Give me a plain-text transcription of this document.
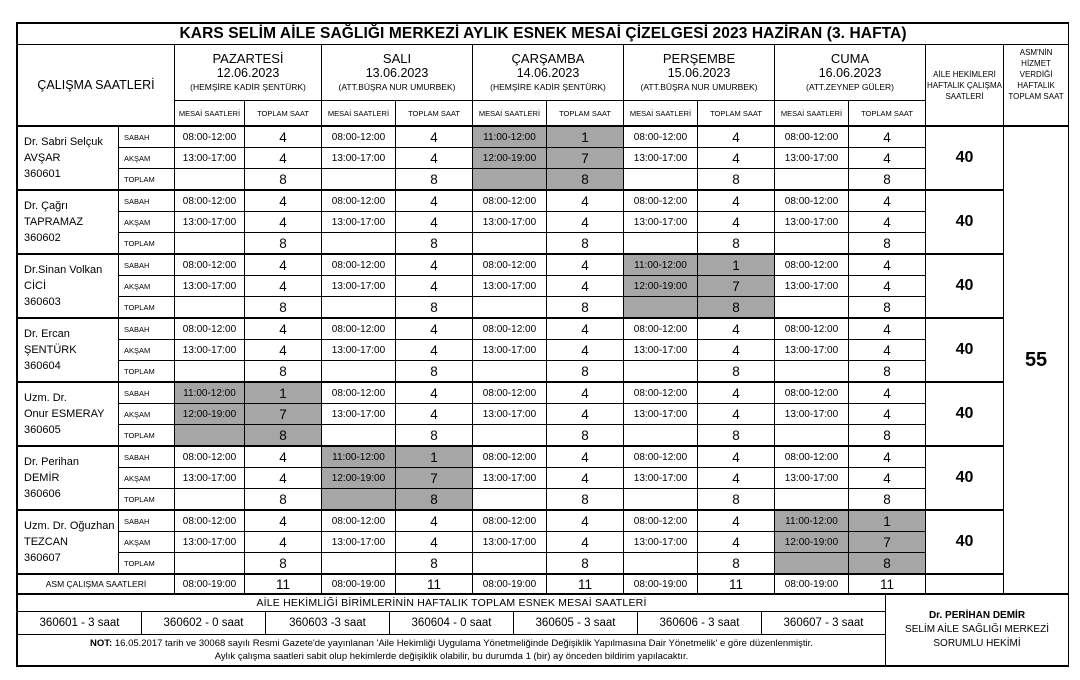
KARS SELİM AİLE SAĞLIĞI MERKEZİ AYLIK ESNEK MESAİ ÇİZELGESİ 2023 HAZİRAN (3. HAFTA)													
ÇALIŞMA SAATLERİ		PAZARTESİ
12.06.2023
(HEMŞİRE KADİR ŞENTÜRK)		SALI
13.06.2023
(ATT.BÜŞRA NUR UMURBEK)		ÇARŞAMBA
14.06.2023
(HEMŞİRE KADİR ŞENTÜRK)		PERŞEMBE
15.06.2023
(ATT.BÜŞRA NUR UMURBEK)		CUMA
16.06.2023
(ATT.ZEYNEP GÜLER)		AİLE HEKİMLERİ HAFTALIK ÇALIŞMA SAATLERİ	ASM'NİN HİZMET VERDİĞİ HAFTALIK TOPLAM SAAT
		MESAİ SAATLERİ	TOPLAM SAAT	MESAİ SAATLERİ	TOPLAM SAAT	MESAİ SAATLERİ	TOPLAM SAAT	MESAİ SAATLERİ	TOPLAM SAAT	MESAİ SAATLERİ	TOPLAM SAAT		

Dr. Sabri Selçuk
AVŞAR
360601	SABAH	08:00-12:00	4	08:00-12:00	4	11:00-12:00	1	08:00-12:00	4	08:00-12:00	4	40	55
	AKŞAM	13:00-17:00	4	13:00-17:00	4	12:00-19:00	7	13:00-17:00	4	13:00-17:00	4		
	TOPLAM		8		8		8		8		8		

Dr. Çağrı
TAPRAMAZ
360602	SABAH	08:00-12:00	4	08:00-12:00	4	08:00-12:00	4	08:00-12:00	4	08:00-12:00	4	40	
	AKŞAM	13:00-17:00	4	13:00-17:00	4	13:00-17:00	4	13:00-17:00	4	13:00-17:00	4		
	TOPLAM		8		8		8		8		8		

Dr.Sinan Volkan
CİCİ
360603	SABAH	08:00-12:00	4	08:00-12:00	4	08:00-12:00	4	11:00-12:00	1	08:00-12:00	4	40	
	AKŞAM	13:00-17:00	4	13:00-17:00	4	13:00-17:00	4	12:00-19:00	7	13:00-17:00	4		
	TOPLAM		8		8		8		8		8		

Dr. Ercan
ŞENTÜRK
360604	SABAH	08:00-12:00	4	08:00-12:00	4	08:00-12:00	4	08:00-12:00	4	08:00-12:00	4	40	
	AKŞAM	13:00-17:00	4	13:00-17:00	4	13:00-17:00	4	13:00-17:00	4	13:00-17:00	4		
	TOPLAM		8		8		8		8		8		

Uzm. Dr.
Onur ESMERAY
360605	SABAH	11:00-12:00	1	08:00-12:00	4	08:00-12:00	4	08:00-12:00	4	08:00-12:00	4	40	
	AKŞAM	12:00-19:00	7	13:00-17:00	4	13:00-17:00	4	13:00-17:00	4	13:00-17:00	4		
	TOPLAM		8		8		8		8		8		

Dr. Perihan
DEMİR
360606	SABAH	08:00-12:00	4	11:00-12:00	1	08:00-12:00	4	08:00-12:00	4	08:00-12:00	4	40	
	AKŞAM	13:00-17:00	4	12:00-19:00	7	13:00-17:00	4	13:00-17:00	4	13:00-17:00	4		
	TOPLAM		8		8		8		8		8		

Uzm. Dr. Oğuzhan
TEZCAN
360607	SABAH	08:00-12:00	4	08:00-12:00	4	08:00-12:00	4	08:00-12:00	4	11:00-12:00	1	40	
	AKŞAM	13:00-17:00	4	13:00-17:00	4	13:00-17:00	4	13:00-17:00	4	12:00-19:00	7		
	TOPLAM		8		8		8		8		8		
ASM ÇALIŞMA SAATLERİ		08:00-19:00	11	08:00-19:00	11	08:00-19:00	11	08:00-19:00	11	08:00-19:00	11		
AİLE HEKİMLİĞİ BİRİMLERİNİN HAFTALIK TOPLAM ESNEK MESAİ SAATLERİ							Dr. PERİHAN DEMİR
SELİM AİLE SAĞLIĞI MERKEZİ
SORUMLU HEKİMİ

360601 - 3 saat	360602 - 0 saat	360603 -3 saat	360604 - 0 saat	360605 - 3 saat	360606 - 3 saat	360607 - 3 saat	

NOT: 16.05.2017 tarih ve 30068 sayılı Resmi Gazete'de yayınlanan 'Aile Hekimliği Uygulama Yönetmeliğinde Değişiklik Yapılmasına Dair Yönetmelik' e göre düzenlenmiştir.
Aylık çalışma saatleri sabit olup hekimlerde değişiklik olabilir, bu durumda 1 (bir) ay önceden bildirim yapılacaktır.							
